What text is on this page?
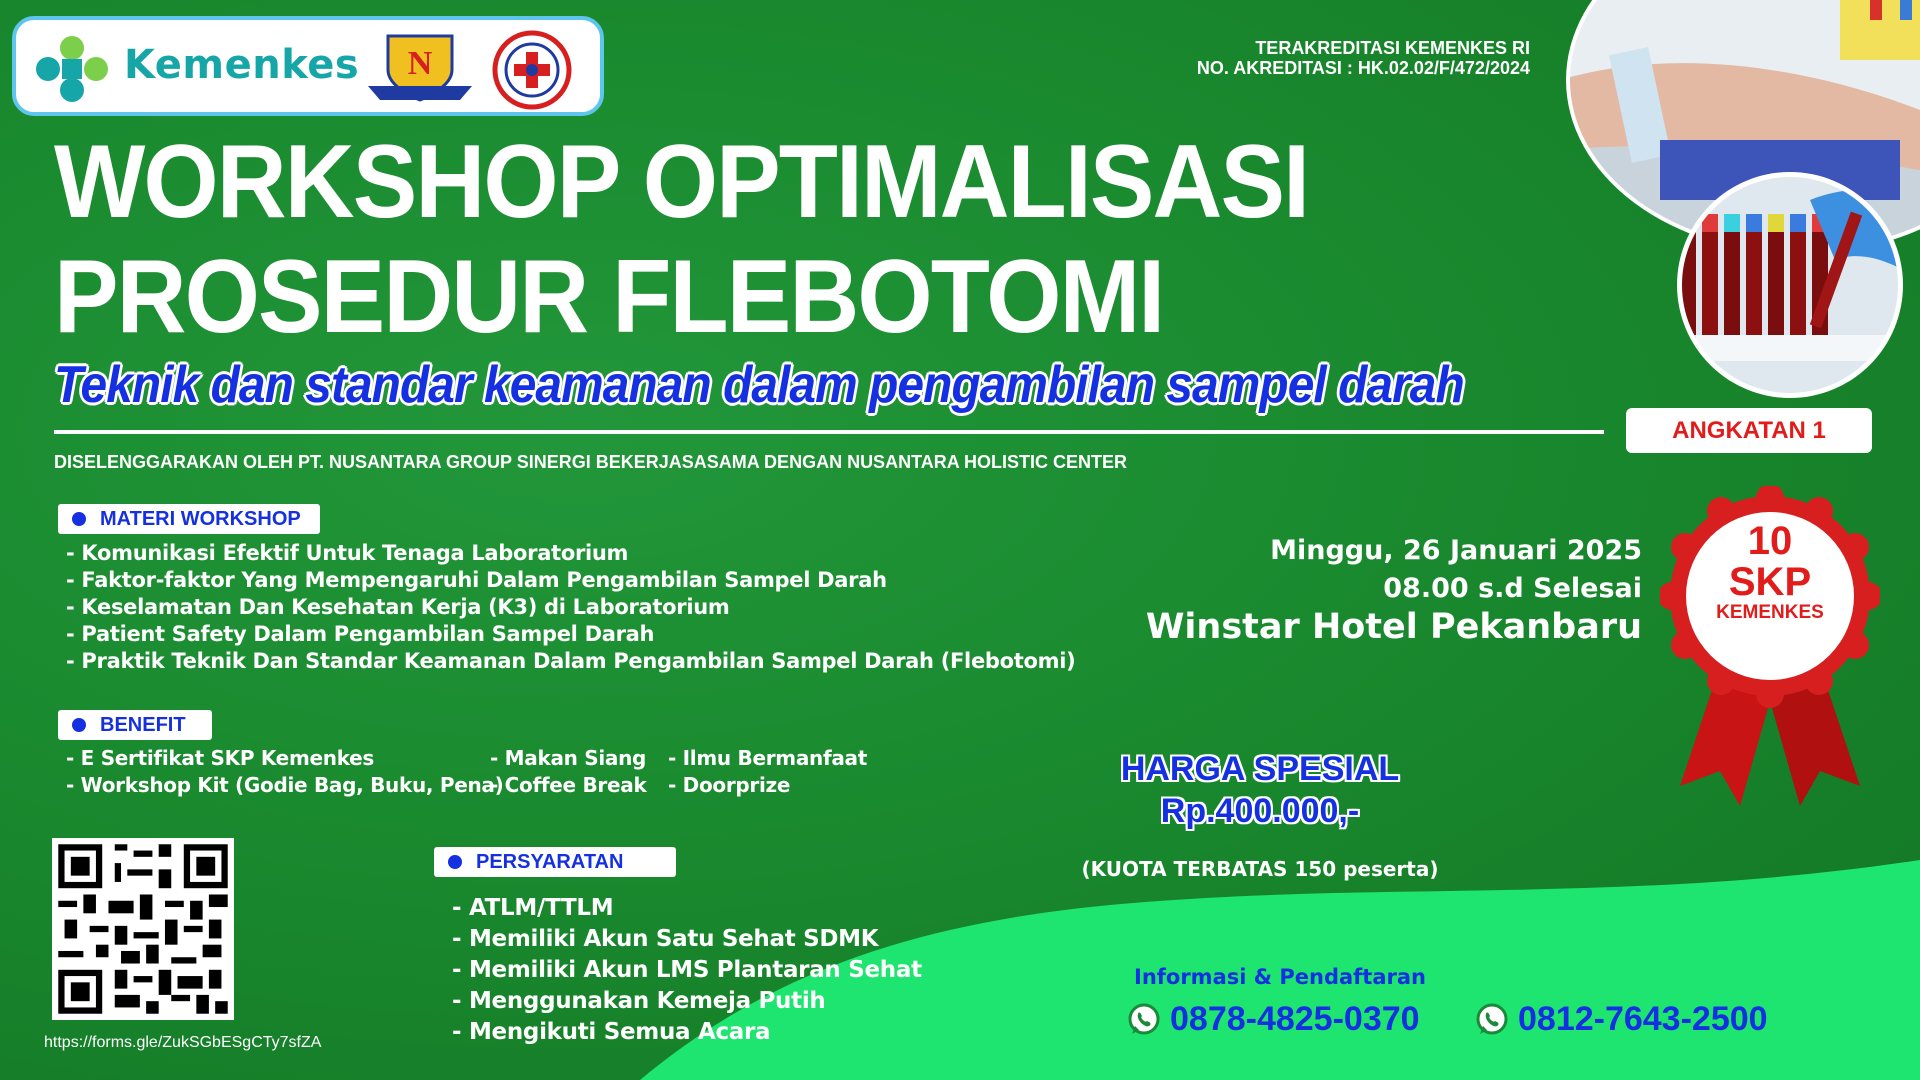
Kemenkes N	TERAKREDITASI KEMENKES RI
NO. AKREDITASI : HK.02.02/F/472/2024
WORKSHOP OPTIMALISASI
PROSEDUR FLEBOTOMI
Teknik dan standar keamanan dalam pengambilan sampel darah
ANGKATAN 1
DISELENGGARAKAN OLEH PT. NUSANTARA GROUP SINERGI BEKERJASASAMA DENGAN NUSANTARA HOLISTIC CENTER
MATERI WORKSHOP
- Komunikasi Efektif Untuk Tenaga Laboratorium
- Faktor-faktor Yang Mempengaruhi Dalam Pengambilan Sampel Darah
- Keselamatan Dan Kesehatan Kerja (K3) di Laboratorium
- Patient Safety Dalam Pengambilan Sampel Darah
- Praktik Teknik Dan Standar Keamanan Dalam Pengambilan Sampel Darah (Flebotomi)
BENEFIT
- E Sertifikat SKP Kemenkes
- Workshop Kit (Godie Bag, Buku, Pena)
- Makan Siang
- Coffee Break
- Ilmu Bermanfaat
- Doorprize
PERSYARATAN
- ATLM/TTLM
- Memiliki Akun Satu Sehat SDMK
- Memiliki Akun LMS Plantaran Sehat
- Menggunakan Kemeja Putih
- Mengikuti Semua Acara
Minggu, 26 Januari 2025
08.00 s.d Selesai
Winstar Hotel Pekanbaru
10
SKP
KEMENKES
HARGA SPESIAL
Rp.400.000,-
(KUOTA TERBATAS 150 peserta)
https://forms.gle/ZukSGbESgCTy7sfZA
Informasi & Pendaftaran
0878-4825-0370	0812-7643-2500
